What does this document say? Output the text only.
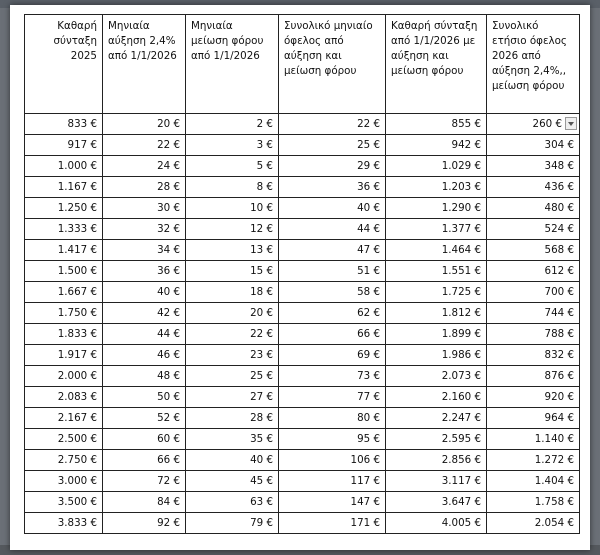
Καθαρή σύνταξη 2025	Μηνιαία αύξηση 2,4% από 1/1/2026	Μηνιαία μείωση φόρου από 1/1/2026	Συνολικό μηνιαίο όφελος από αύξηση και μείωση φόρου	Καθαρή σύνταξη από 1/1/2026 με αύξηση και μείωση φόρου	Συνολικό ετήσιο όφελος 2026 από αύξηση 2,4%,, μείωση φόρου
833 €	20 €	2 €	22 €	855 €	260 €

917 €	22 €	3 €	25 €	942 €	304 €
1.000 €	24 €	5 €	29 €	1.029 €	348 €
1.167 €	28 €	8 €	36 €	1.203 €	436 €
1.250 €	30 €	10 €	40 €	1.290 €	480 €
1.333 €	32 €	12 €	44 €	1.377 €	524 €
1.417 €	34 €	13 €	47 €	1.464 €	568 €
1.500 €	36 €	15 €	51 €	1.551 €	612 €
1.667 €	40 €	18 €	58 €	1.725 €	700 €
1.750 €	42 €	20 €	62 €	1.812 €	744 €
1.833 €	44 €	22 €	66 €	1.899 €	788 €
1.917 €	46 €	23 €	69 €	1.986 €	832 €
2.000 €	48 €	25 €	73 €	2.073 €	876 €
2.083 €	50 €	27 €	77 €	2.160 €	920 €
2.167 €	52 €	28 €	80 €	2.247 €	964 €
2.500 €	60 €	35 €	95 €	2.595 €	1.140 €
2.750 €	66 €	40 €	106 €	2.856 €	1.272 €
3.000 €	72 €	45 €	117 €	3.117 €	1.404 €
3.500 €	84 €	63 €	147 €	3.647 €	1.758 €
3.833 €	92 €	79 €	171 €	4.005 €	2.054 €
